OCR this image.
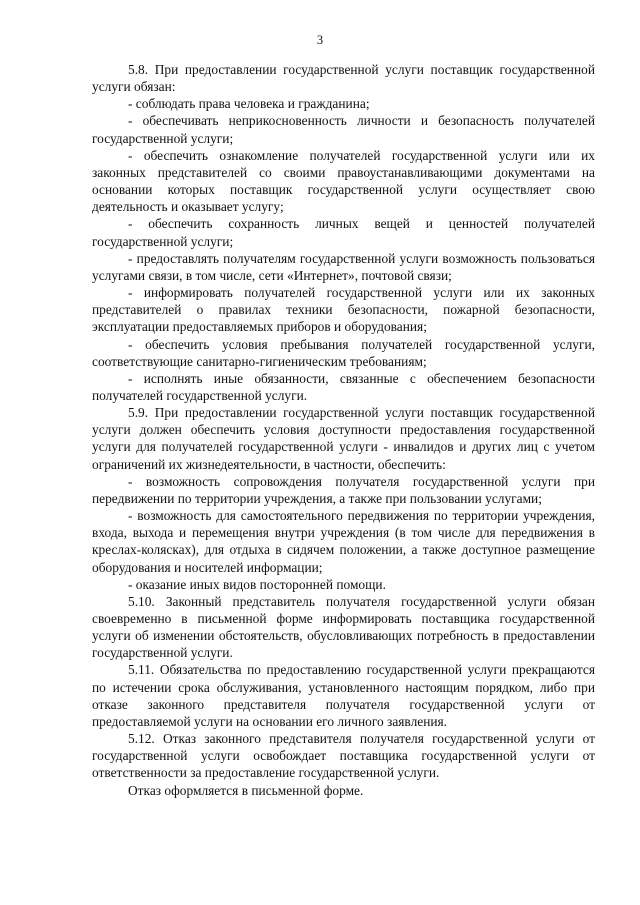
3

5.8. При предоставлении государственной услуги поставщик государственной услуги обязан:

- соблюдать права человека и гражданина;

- обеспечивать неприкосновенность личности и безопасность получателей государственной услуги;

- обеспечить ознакомление получателей государственной услуги или их законных представителей со своими правоустанавливающими документами на основании которых поставщик государственной услуги осуществляет свою деятельность и оказывает услугу;

- обеспечить сохранность личных вещей и ценностей получателей государственной услуги;

- предоставлять получателям государственной услуги возможность пользоваться услугами связи, в том числе, сети «Интернет», почтовой связи;

- информировать получателей государственной услуги или их законных представителей о правилах техники безопасности, пожарной безопасности, эксплуатации предоставляемых приборов и оборудования;

- обеспечить условия пребывания получателей государственной услуги, соответствующие санитарно-гигиеническим требованиям;

- исполнять иные обязанности, связанные с обеспечением безопасности получателей государственной услуги.

5.9. При предоставлении государственной услуги поставщик государственной услуги должен обеспечить условия доступности предоставления государственной услуги для получателей государственной услуги - инвалидов и других лиц с учетом ограничений их жизнедеятельности, в частности, обеспечить:

- возможность сопровождения получателя государственной услуги при передвижении по территории учреждения, а также при пользовании услугами;

- возможность для самостоятельного передвижения по территории учреждения, входа, выхода и перемещения внутри учреждения (в том числе для передвижения в креслах-колясках), для отдыха в сидячем положении, а также доступное размещение оборудования и носителей информации;

- оказание иных видов посторонней помощи.

5.10. Законный представитель получателя государственной услуги обязан своевременно в письменной форме информировать поставщика государственной услуги об изменении обстоятельств, обусловливающих потребность в предоставлении государственной услуги.

5.11. Обязательства по предоставлению государственной услуги прекращаются по истечении срока обслуживания, установленного настоящим порядком, либо при отказе законного представителя получателя государственной услуги от предоставляемой услуги на основании его личного заявления.

5.12. Отказ законного представителя получателя государственной услуги от государственной услуги освобождает поставщика государственной услуги от ответственности за предоставление государственной услуги.

Отказ оформляется в письменной форме.
